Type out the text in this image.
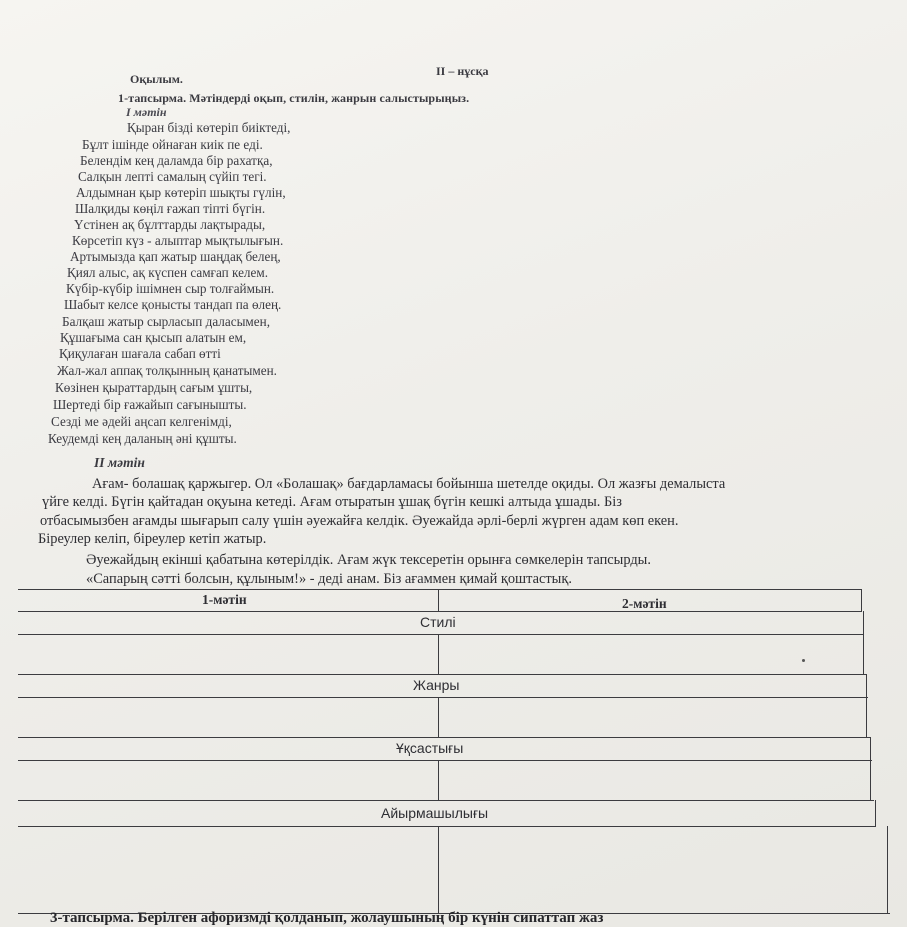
II – нұсқа
Оқылым.
1-тапсырма. Мәтіндерді оқып, стилін, жанрын салыстырыңыз.
І мәтін
Қыран бізді көтеріп биіктеді,
Бұлт ішінде ойнаған киік пе еді.
Белендім кең даламда бір рахатқа,
Салқын лепті самалың сүйіп тегі.
Алдымнан қыр көтеріп шықты гүлін,
Шалқиды көңіл ғажап тіпті бүгін.
Үстінен ақ бұлттарды лақтырады,
Көрсетіп күз - алыптар мықтылығын.
Артымызда қап жатыр шаңдақ белең,
Қиял алыс, ақ күспен самғап келем.
Күбір-күбір ішімнен сыр толғаймын.
Шабыт келсе қонысты тандап па өлең.
Балқаш жатыр сырласып даласымен,
Құшағыма сан қысып алатын ем,
Қиқулаған шағала сабап өтті
Жал-жал аппақ толқынның қанатымен.
Көзінен қыраттардың сағым ұшты,
Шертеді бір ғажайып сағынышты.
Сезді ме әдейі аңсап келгенімді,
Кеудемді кең даланың әні құшты.
ІІ мәтін
Ағам- болашақ қаржыгер. Ол «Болашақ» бағдарламасы бойынша шетелде оқиды. Ол жазғы демалыста
үйге келді. Бүгін қайтадан оқуына кетеді. Ағам отыратын ұшақ бүгін кешкі алтыда ұшады. Біз
отбасымызбен ағамды шығарып салу үшін әуежайға келдік. Әуежайда әрлі-берлі жүрген адам көп екен.
Біреулер келіп, біреулер кетіп жатыр.
Әуежайдың екінші қабатына көтерілдік. Ағам жүк тексеретін орынға сөмкелерін тапсырды.
«Сапарың сәтті болсын, құлыным!» - деді анам. Біз ағаммен қимай қоштастық.
1-мәтін	2-мәтін
Стилі
Жанры
Ұқсастығы
Айырмашылығы
3-тапсырма. Берілген афоризмді қолданып, жолаушының бір күнін сипаттап жаз
